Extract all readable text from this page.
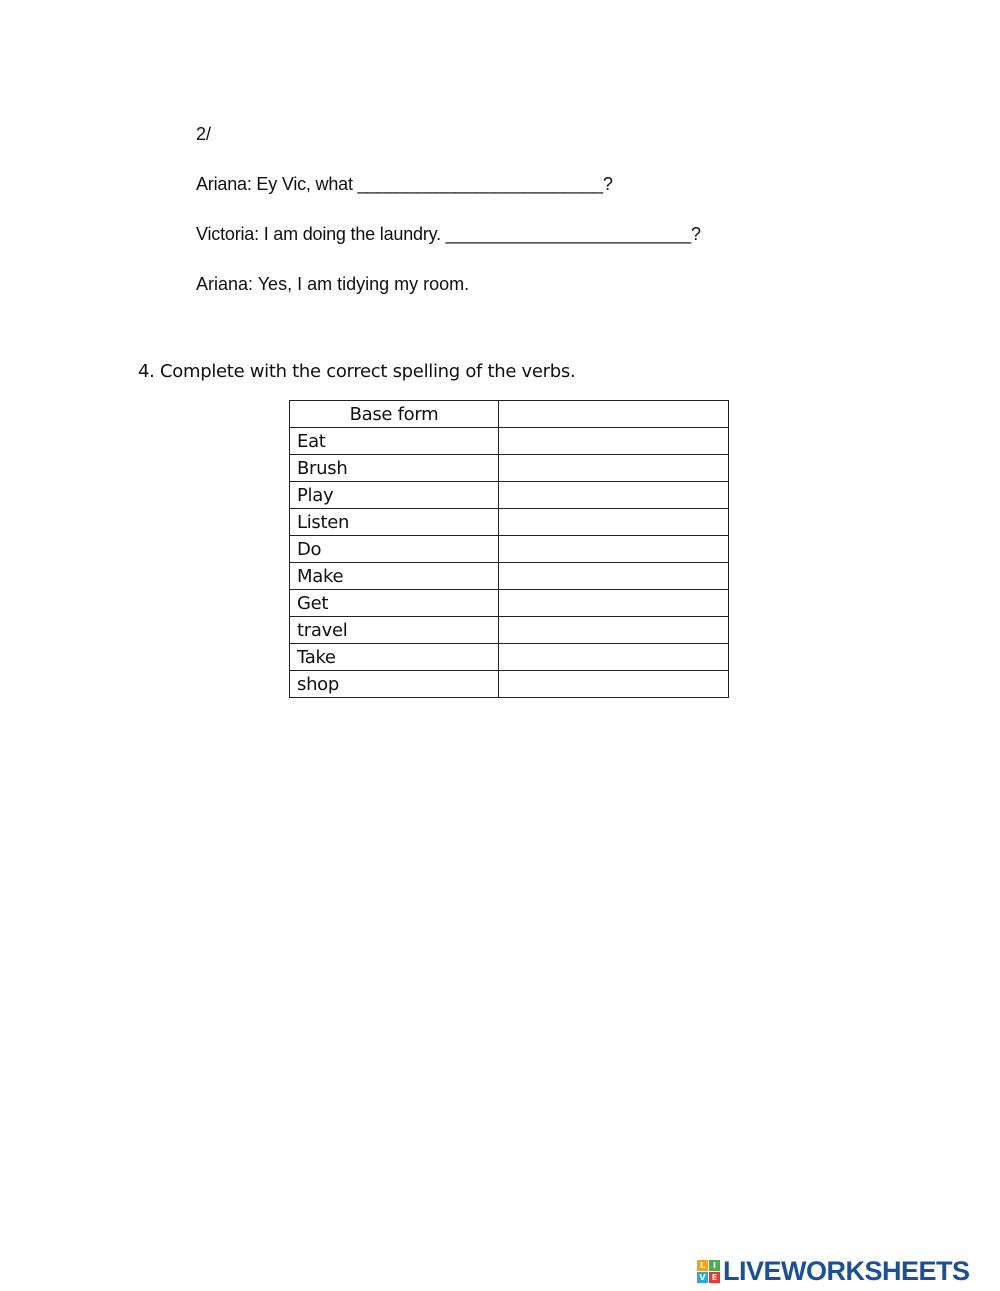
2/

Ariana: Ey Vic, what _________________________?

Victoria: I am doing the laundry. _________________________?

Ariana: Yes, I am tidying my room.

4. Complete with the correct spelling of the verbs.

Base form	
Eat	
Brush	
Play	
Listen	
Do	
Make	
Get	
travel	
Take	
shop	
L I
V E LIVEWORKSHEETS
